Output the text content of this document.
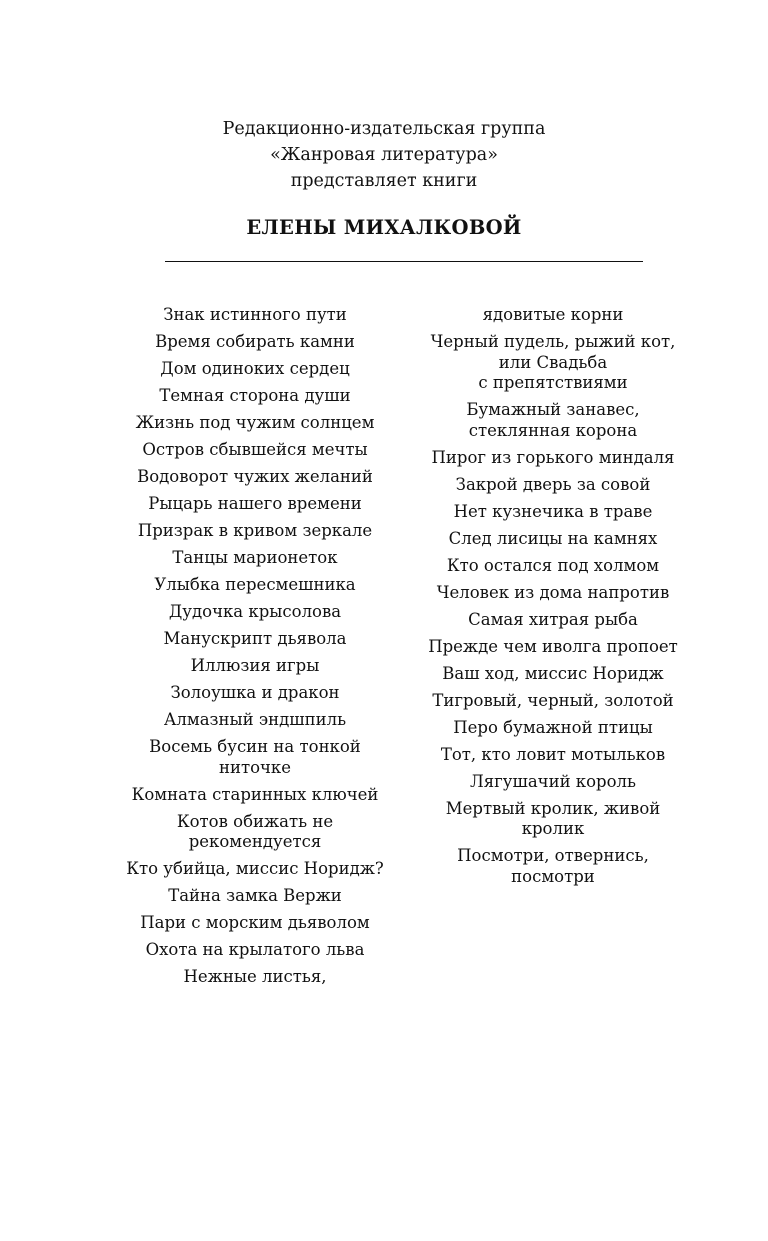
Редакционно-издательская группа

«Жанровая литература»

представляет книги

ЕЛЕНЫ МИХАЛКОВОЙ
Знак истинного пути
Время собирать камни
Дом одиноких сердец
Темная сторона души
Жизнь под чужим солнцем
Остров сбывшейся мечты
Водоворот чужих желаний
Рыцарь нашего времени
Призрак в кривом зеркале
Танцы марионеток
Улыбка пересмешника
Дудочка крысолова
Манускрипт дьявола
Иллюзия игры
Золоушка и дракон
Алмазный эндшпиль
Восемь бусин на тонкой
ниточке
Комната старинных ключей
Котов обижать не
рекомендуется
Кто убийца, миссис Норидж?
Тайна замка Вержи
Пари с морским дьяволом
Охота на крылатого льва
Нежные листья,
ядовитые корни
Черный пудель, рыжий кот,
или Свадьба
с препятствиями
Бумажный занавес,
стеклянная корона
Пирог из горького миндаля
Закрой дверь за совой
Нет кузнечика в траве
След лисицы на камнях
Кто остался под холмом
Человек из дома напротив
Самая хитрая рыба
Прежде чем иволга пропоет
Ваш ход, миссис Норидж
Тигровый, черный, золотой
Перо бумажной птицы
Тот, кто ловит мотыльков
Лягушачий король
Мертвый кролик, живой
кролик
Посмотри, отвернись,
посмотри
